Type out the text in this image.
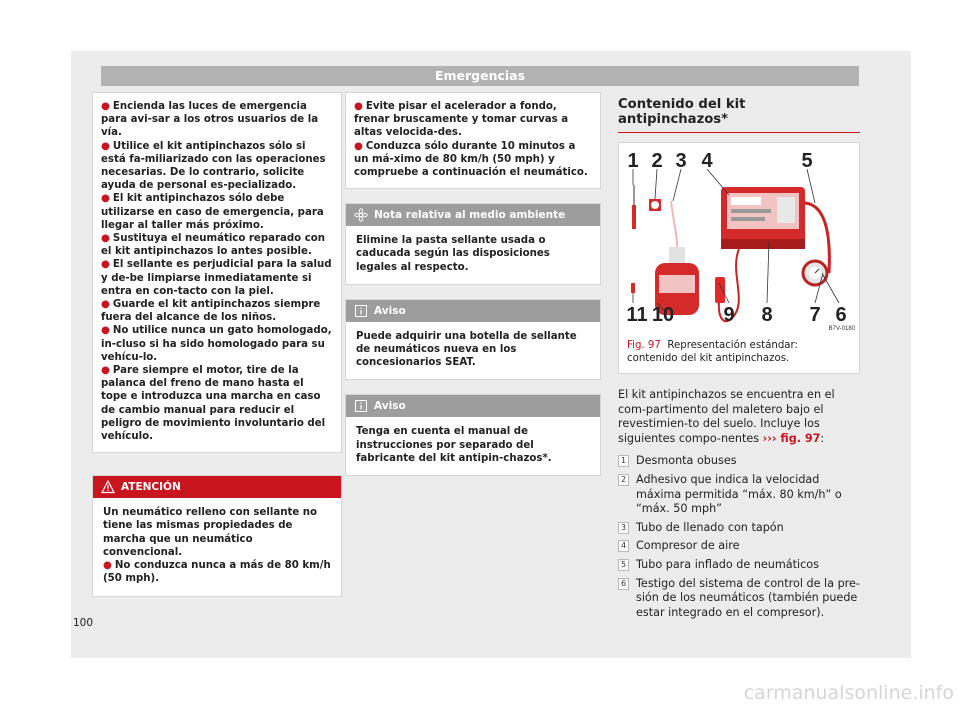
Emergencias
● Encienda las luces de emergencia para avi-sar a los otros usuarios de la vía.
● Utilice el kit antipinchazos sólo si está fa-miliarizado con las operaciones necesarias. De lo contrario, solicite ayuda de personal es-pecializado.
● El kit antipinchazos sólo debe utilizarse en caso de emergencia, para llegar al taller más próximo.
● Sustituya el neumático reparado con el kit antipinchazos lo antes posible.
● El sellante es perjudicial para la salud y de-be limpiarse inmediatamente si entra en con-tacto con la piel.
● Guarde el kit antipinchazos siempre fuera del alcance de los niños.
● No utilice nunca un gato homologado, in-cluso si ha sido homologado para su vehícu-lo.
● Pare siempre el motor, tire de la palanca del freno de mano hasta el tope e introduzca una marcha en caso de cambio manual para reducir el peligro de movimiento involuntario del vehículo.
ATENCIÓN
Un neumático relleno con sellante no tiene las mismas propiedades de marcha que un neumático convencional.
● No conduzca nunca a más de 80 km/h (50 mph).
● Evite pisar el acelerador a fondo, frenar bruscamente y tomar curvas a altas velocida-des.
● Conduzca sólo durante 10 minutos a un má-ximo de 80 km/h (50 mph) y compruebe a continuación el neumático.
Nota relativa al medio ambiente
Elimine la pasta sellante usada o caducada según las disposiciones legales al respecto.
Aviso
Puede adquirir una botella de sellante de neumáticos nueva en los concesionarios SEAT.
Aviso
Tenga en cuenta el manual de instrucciones por separado del fabricante del kit antipin-chazos*.
Contenido del kit antipinchazos*
1 2 3 4	5
11 10 9 8 7 6
B7V-0180
Fig. 97 Representación estándar: contenido del kit antipinchazos.
El kit antipinchazos se encuentra en el com-partimento del maletero bajo el revestimien-to del suelo. Incluye los siguientes compo-nentes ››› fig. 97:
1 Desmonta obuses
2 Adhesivo que indica la velocidad máxima permitida “máx. 80 km/h” o “máx. 50 mph”
3 Tubo de llenado con tapón
4 Compresor de aire
5 Tubo para inflado de neumáticos
6 Testigo del sistema de control de la pre-sión de los neumáticos (también puede estar integrado en el compresor).
100
carmanualsonline.info
